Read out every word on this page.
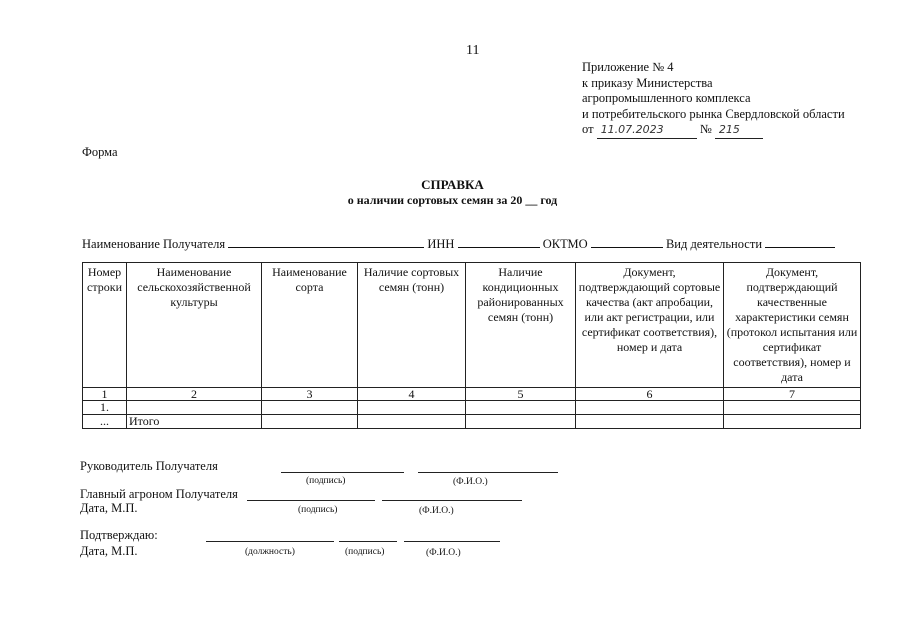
11
Приложение № 4
к приказу Министерства
агропромышленного комплекса
и потребительского рынка Свердловской области
от 11.07.2023	№ 215
Форма
СПРАВКА
о наличии сортовых семян за 20 __ год
Наименование Получателя	ИНН	ОКТМО	Вид деятельности
Номер строки	Наименование сельскохозяйственной культуры	Наименование сорта	Наличие сортовых семян (тонн)	Наличие кондиционных районированных семян (тонн)	Документ, подтверждающий сортовые качества (акт апробации, или акт регистрации, или сертификат соответствия), номер и дата	Документ, подтверждающий качественные характеристики семян (протокол испытания или сертификат соответствия), номер и дата
1	2	3	4	5	6	7
1.						
...	Итого					
Руководитель Получателя
(подпись)	(Ф.И.О.)
Главный агроном Получателя
Дата, М.П.	(подпись)	(Ф.И.О.)
Подтверждаю:
Дата, М.П.	(должность)	(подпись)	(Ф.И.О.)
